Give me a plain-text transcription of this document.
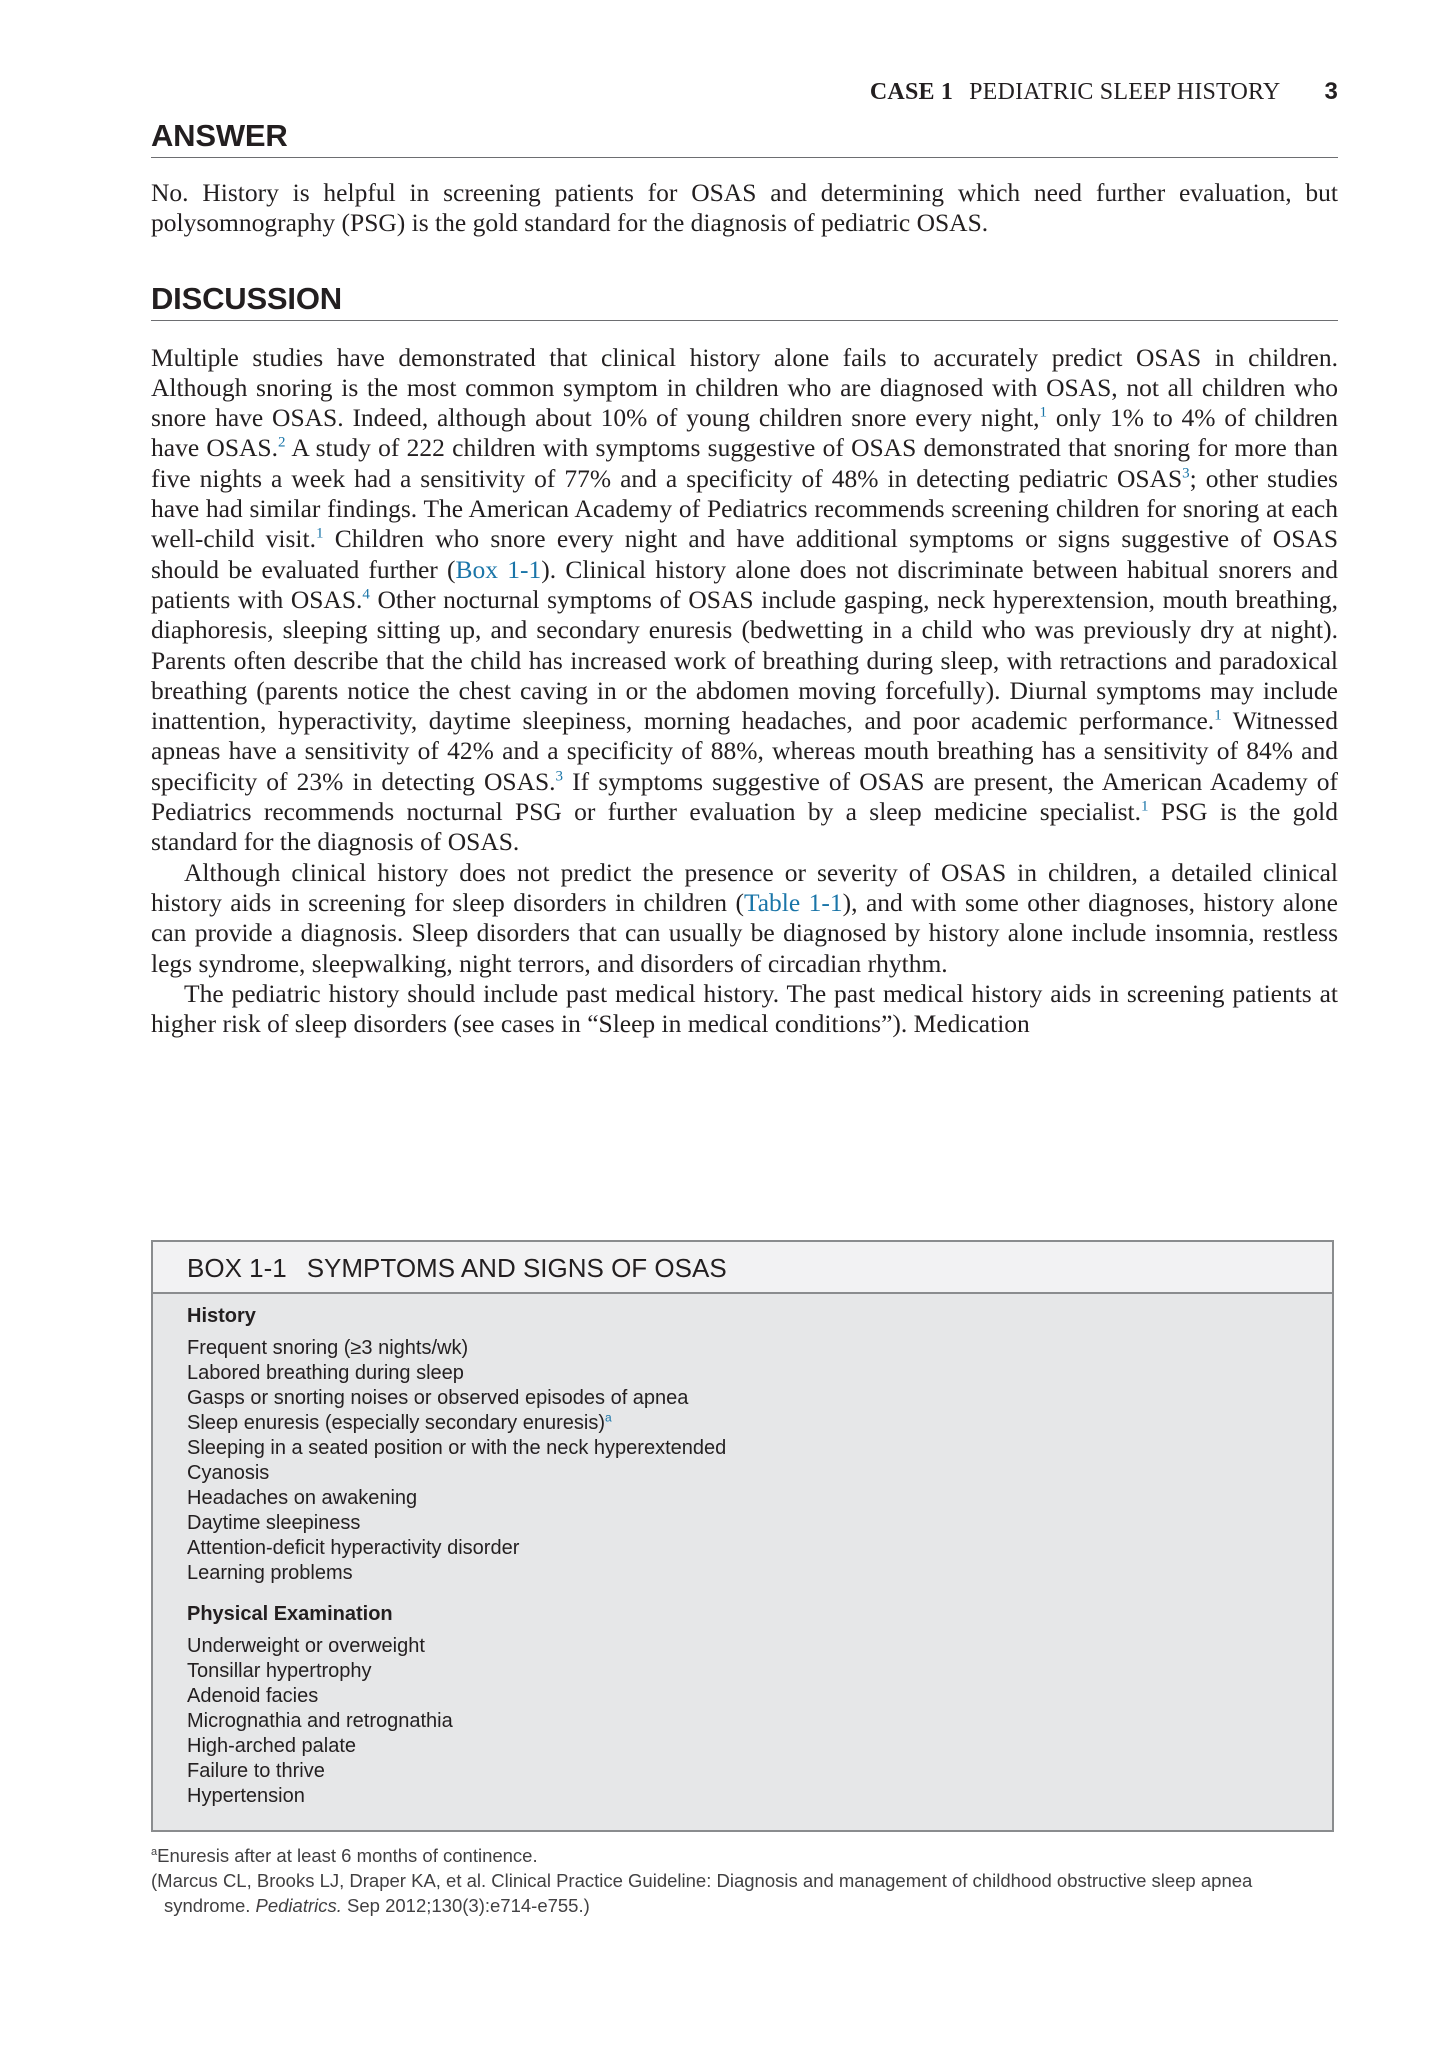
CASE 1 PEDIATRIC SLEEP HISTORY 3
ANSWER

No. History is helpful in screening patients for OSAS and determining which need further evaluation, but polysomnography (PSG) is the gold standard for the diagnosis of pediatric OSAS.

DISCUSSION

Multiple studies have demonstrated that clinical history alone fails to accurately predict OSAS in children. Although snoring is the most common symptom in children who are diagnosed with OSAS, not all children who snore have OSAS. Indeed, although about 10% of young children snore every night,$^1$ only 1% to 4% of children have OSAS.$^2$ A study of 222 children with symptoms suggestive of OSAS demonstrated that snoring for more than five nights a week had a sensitivity of 77% and a specificity of 48% in detecting pediatric OSAS$^3$; other studies have had similar findings. The American Academy of Pediatrics recommends screening children for snoring at each well-child visit.$^1$ Children who snore every night and have additional symptoms or signs suggestive of OSAS should be evaluated further (Box 1-1). Clinical history alone does not discriminate between habitual snorers and patients with OSAS.$^4$ Other nocturnal symptoms of OSAS include gasping, neck hyperextension, mouth breathing, diaphoresis, sleeping sitting up, and secondary enuresis (bedwetting in a child who was previously dry at night). Parents often describe that the child has increased work of breathing during sleep, with retractions and paradoxical breathing (parents notice the chest caving in or the abdomen moving forcefully). Diurnal symptoms may include inattention, hyperactivity, daytime sleepiness, morning headaches, and poor academic performance.$^1$ Witnessed apneas have a sensitivity of 42% and a specificity of 88%, whereas mouth breathing has a sensitivity of 84% and specificity of 23% in detecting OSAS.$^3$ If symptoms suggestive of OSAS are present, the American Academy of Pediatrics recommends nocturnal PSG or further evaluation by a sleep medicine specialist.$^1$ PSG is the gold standard for the diagnosis of OSAS.

Although clinical history does not predict the presence or severity of OSAS in children, a detailed clinical history aids in screening for sleep disorders in children (Table 1-1), and with some other diagnoses, history alone can provide a diagnosis. Sleep disorders that can usually be diagnosed by history alone include insomnia, restless legs syndrome, sleepwalking, night terrors, and disorders of circadian rhythm.

The pediatric history should include past medical history. The past medical history aids in screening patients at higher risk of sleep disorders (see cases in “Sleep in medical conditions”). Medication

BOX 1-1 SYMPTOMS AND SIGNS OF OSAS

History

Frequent snoring (≥3 nights/wk)
Labored breathing during sleep
Gasps or snorting noises or observed episodes of apnea
Sleep enuresis (especially secondary enuresis)$^a$
Sleeping in a seated position or with the neck hyperextended
Cyanosis
Headaches on awakening
Daytime sleepiness
Attention-deficit hyperactivity disorder
Learning problems

Physical Examination

Underweight or overweight
Tonsillar hypertrophy
Adenoid facies
Micrognathia and retrognathia
High-arched palate
Failure to thrive
Hypertension

$^a$Enuresis after at least 6 months of continence.

(Marcus CL, Brooks LJ, Draper KA, et al. Clinical Practice Guideline: Diagnosis and management of childhood obstructive sleep apnea syndrome. Pediatrics. Sep 2012;130(3):e714-e755.)
